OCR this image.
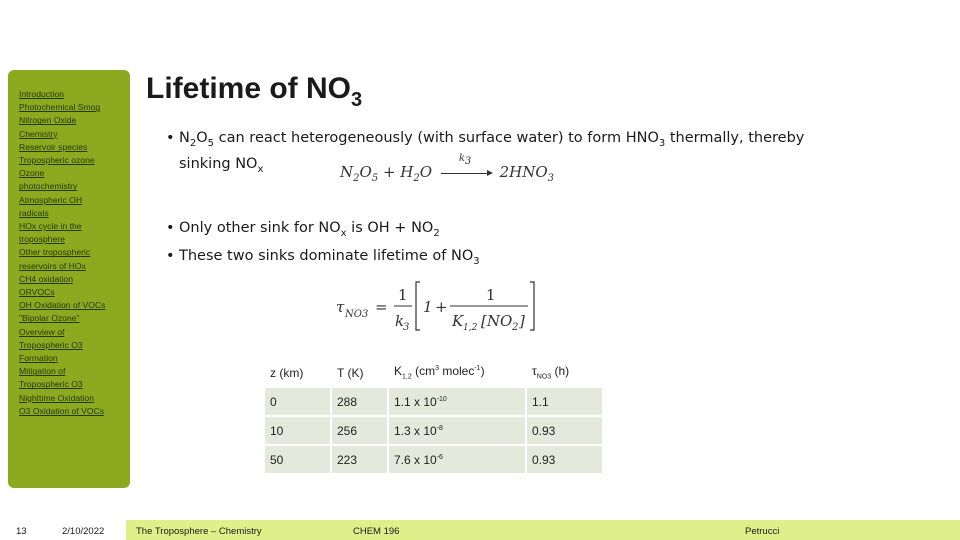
Introduction
Photochemical Smog
Nitrogen Oxide
Chemistry
Reservoir species
Tropospheric ozone
Ozone
photochemistry
Atmospheric OH
radicals
HOx cycle in the
troposphere
Other tropospheric
reservoirs of HOx
CH4 oxidation
ORVOCs
OH Oxidation of VOCs
"Bipolar Ozone"
Overview of
Tropospheric O3
Formation
Mitigation of
Tropospheric O3
Nighttime Oxidation
O3 Oxidation of VOCs
Lifetime of $NO_3$
• $N_2O_5$ can react heterogeneously (with surface water) to form $HNO_3$ thermally, thereby
sinking $NO_x$	$N_2O_5 + H_2O$
$k_3$
$2HNO_3$
• Only other sink for $NO_x$ is OH + $NO_2$
• These two sinks dominate lifetime of $NO_3$
τ NO3 =
1
k
3
1 +
1
K 1,2 [NO 2 ]
z (km)	T (K)	$K_{1,2}$ ($cm^3$ molec$^{-1}$)	$\tau_{NO3}$ (h)
0	288	1.1 x $10^{-10}$	1.1
10	256	1.3 x $10^{-8}$	0.93
50	223	7.6 x $10^{-6}$	0.93
13	2/10/2022	The Troposphere – Chemistry	CHEM 196	Petrucci
